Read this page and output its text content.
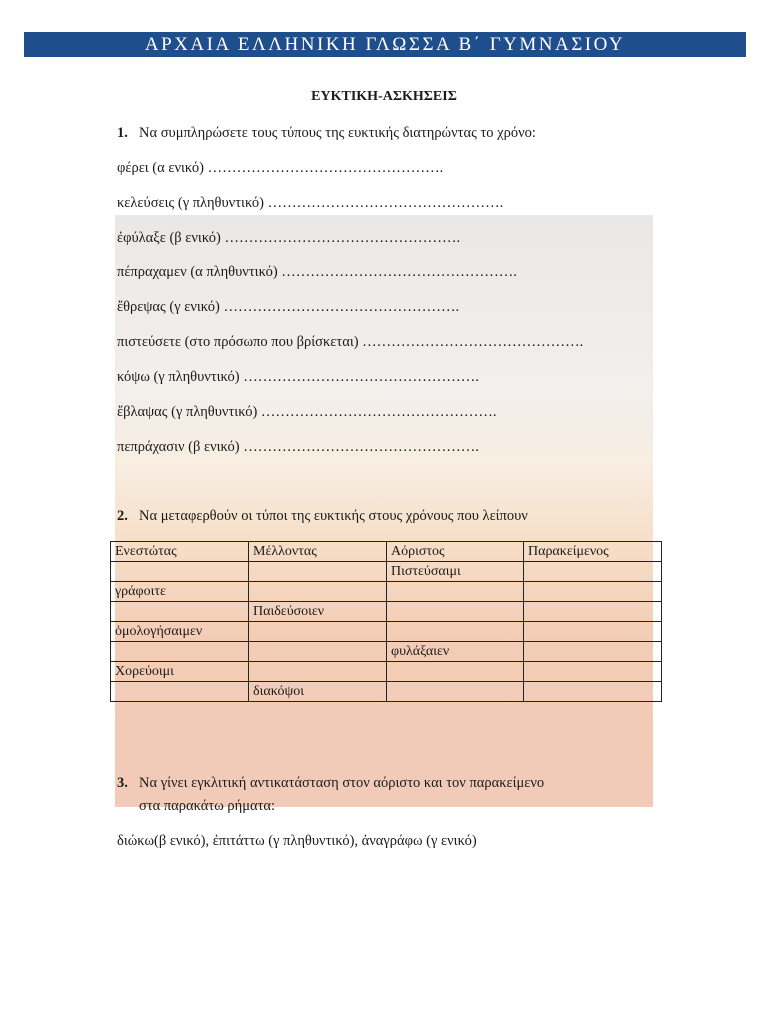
ΑΡΧΑΙΑ ΕΛΛΗΝΙΚΗ ΓΛΩΣΣΑ Β΄ ΓΥΜΝΑΣΙΟΥ
ΕΥΚΤΙΚΗ-ΑΣΚΗΣΕΙΣ
1. Να συμπληρώσετε τους τύπους της ευκτικής διατηρώντας το χρόνο:
φέρει (α ενικό) ………………………………………….
κελεύσεις (γ πληθυντικό) ………………………………………….
ἐφύλαξε (β ενικό) ………………………………………….
πέπραχαμεν (α πληθυντικό) ………………………………………….
ἔθρεψας (γ ενικό) ………………………………………….
πιστεύσετε (στο πρόσωπο που βρίσκεται) ……………………………………….
κόψω (γ πληθυντικό) ………………………………………….
ἔβλαψας (γ πληθυντικό) ………………………………………….
πεπράχασιν (β ενικό) ………………………………………….
2. Να μεταφερθούν οι τύποι της ευκτικής στους χρόνους που λείπουν
Ενεστώτας	Μέλλοντας	Αόριστος	Παρακείμενος
		Πιστεύσαιμι	
γράφοιτε			
	Παιδεύσοιεν		
ὁμολογήσαιμεν			
		φυλάξαιεν	
Χορεύοιμι			
	διακόψοι		
3. Να γίνει εγκλιτική αντικατάσταση στον αόριστο και τον παρακείμενο
στα παρακάτω ρήματα:
διώκω(β ενικό), ἐπιτάττω (γ πληθυντικό), ἀναγράφω (γ ενικό)
